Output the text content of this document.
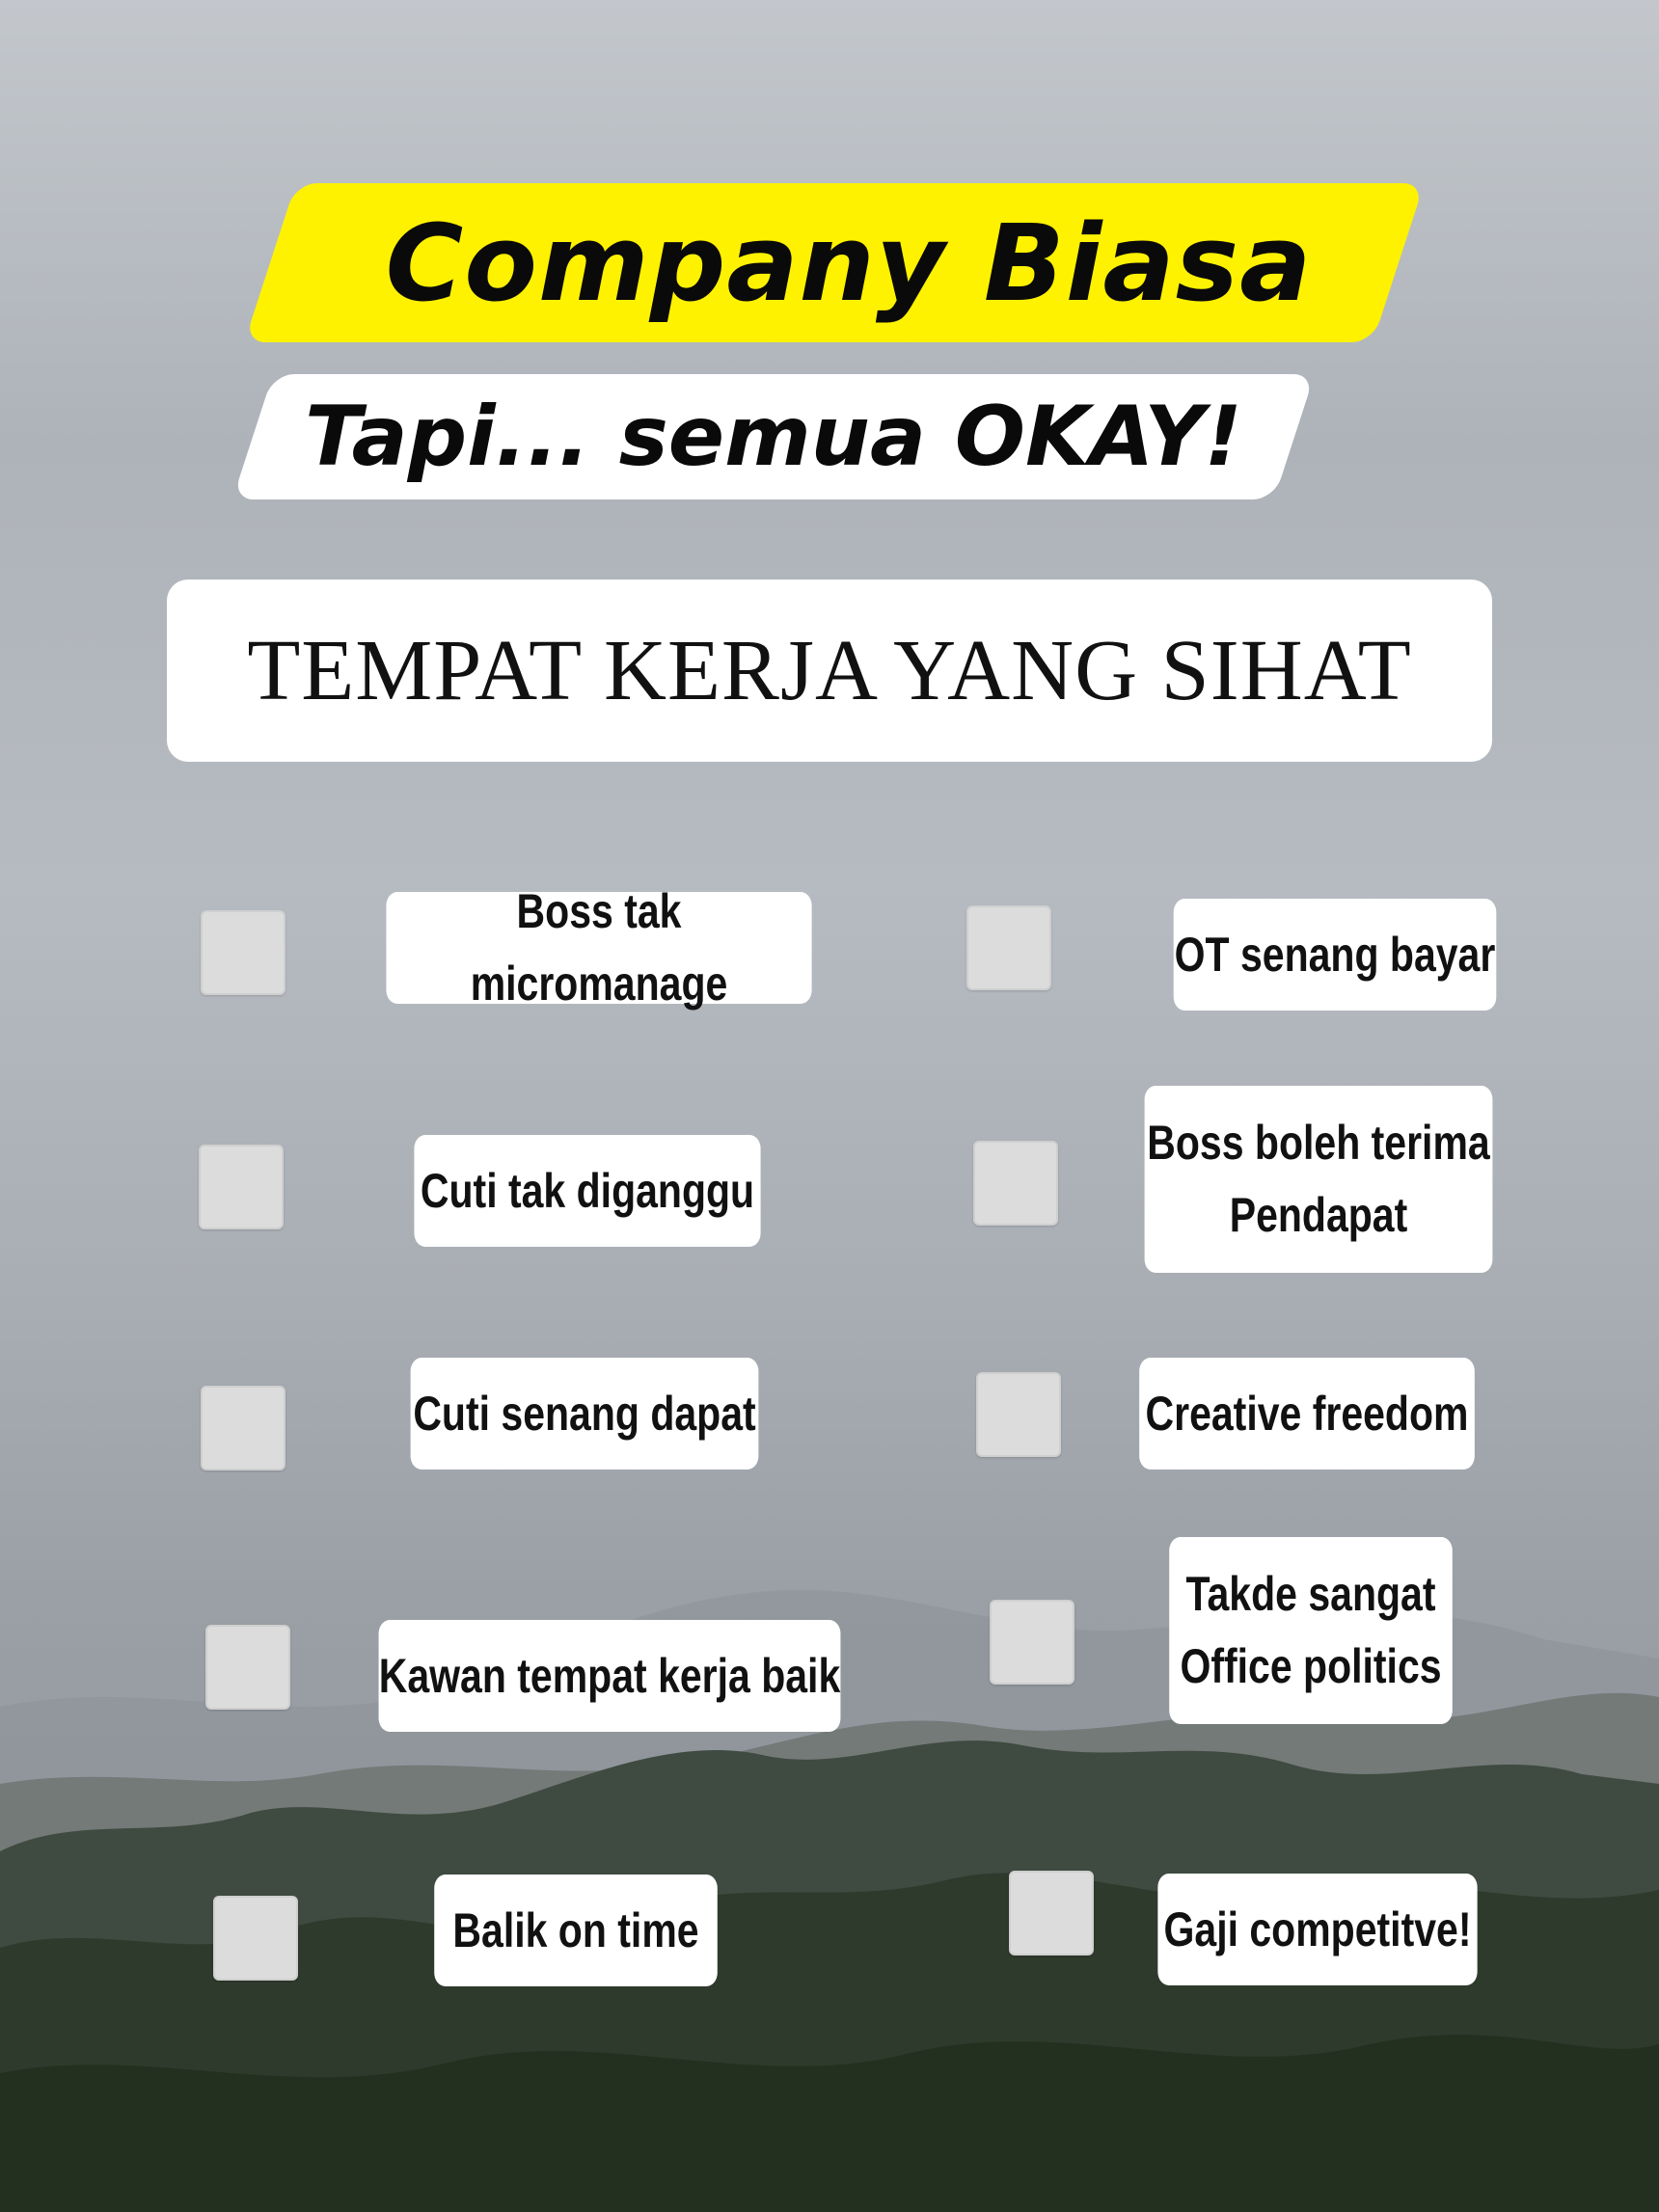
Company Biasa
Tapi... semua OKAY!
TEMPAT KERJA YANG SIHAT
Boss tak micromanage
OT senang bayar
Cuti tak diganggu
Boss boleh terima
Pendapat
Cuti senang dapat	Creative freedom
Kawan tempat kerja baik
Takde sangat
Office politics
Balik on time	Gaji competitve!
